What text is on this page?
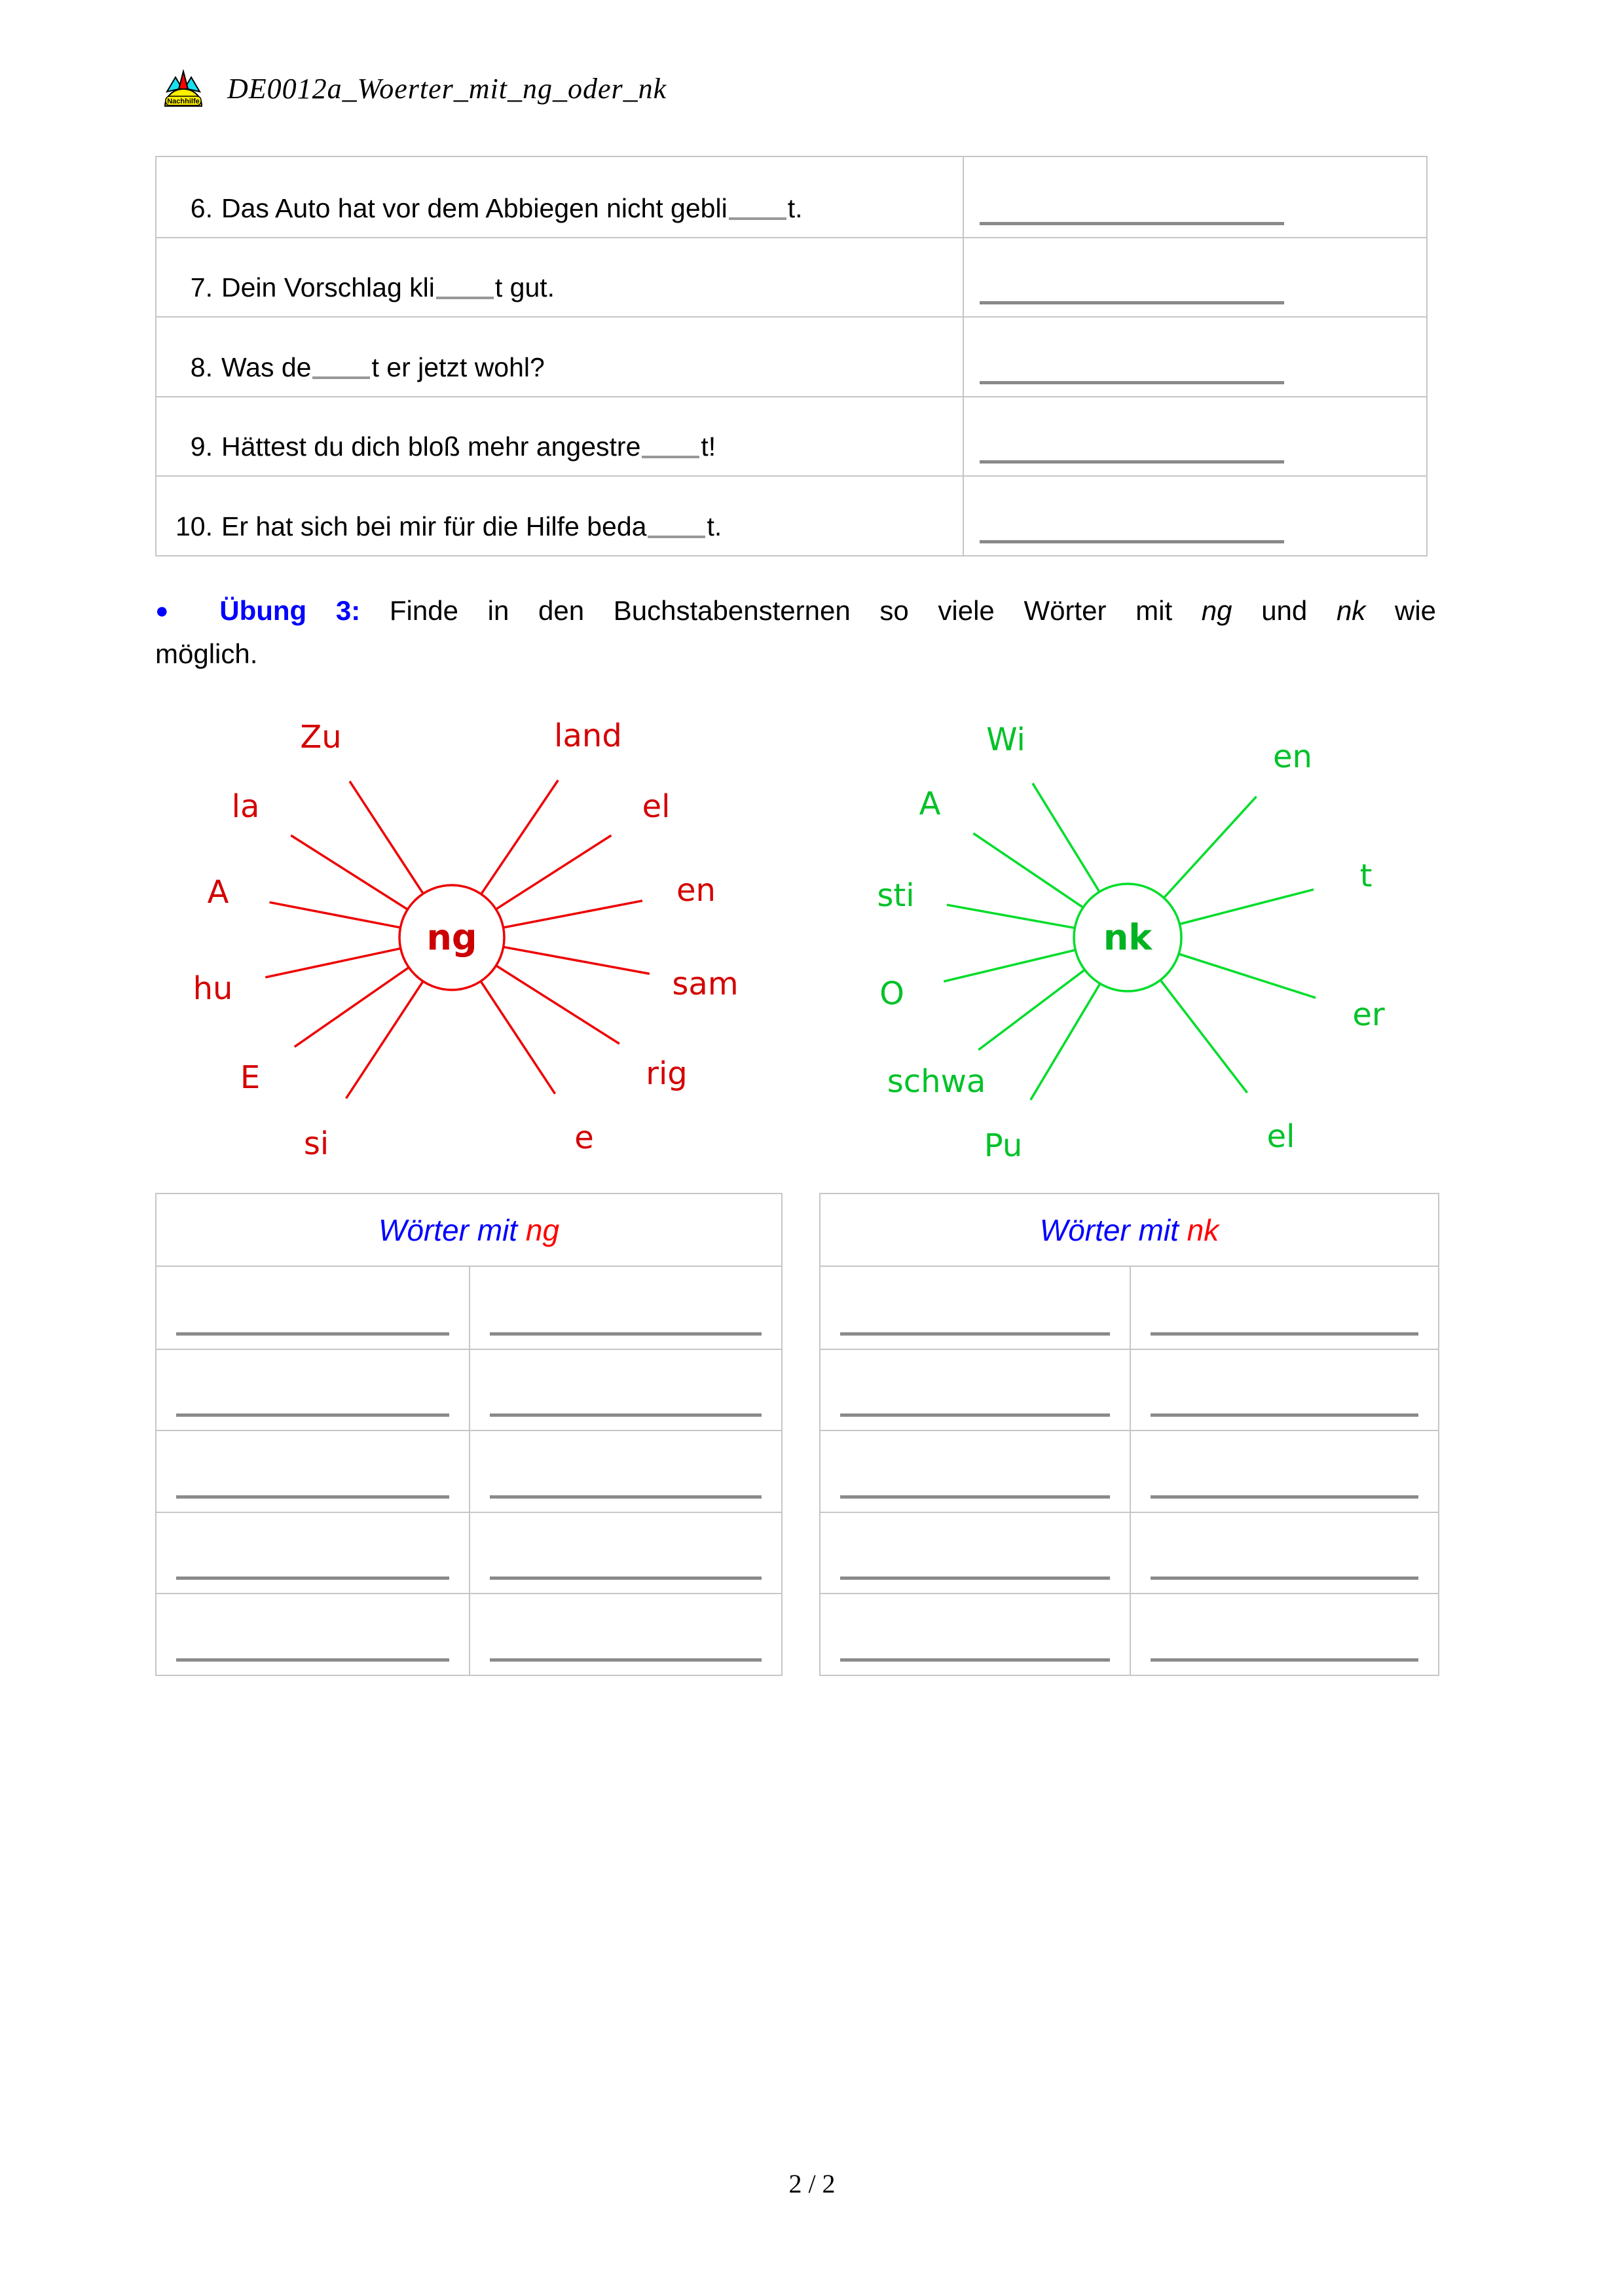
Nachhilfe DE0012a_Woerter_mit_ng_oder_nk
6. Das Auto hat vor dem Abbiegen nicht gebli t.
7. Dein Vorschlag kli t gut.
8. Was de t er jetzt wohl?
9. Hättest du dich bloß mehr angestre t!
10. Er hat sich bei mir für die Hilfe beda t.
● Übung 3: Finde in den Buchstabensternen so viele Wörter mit ng und nk wie
möglich.
ng
Zu	land
la	el
A	en
hu	sam
E	rig
si	e
nk
Wi	en
A
t
sti
er
O
el
schwa
Pu
Wörter mit ng	Wörter mit nk
2 / 2
